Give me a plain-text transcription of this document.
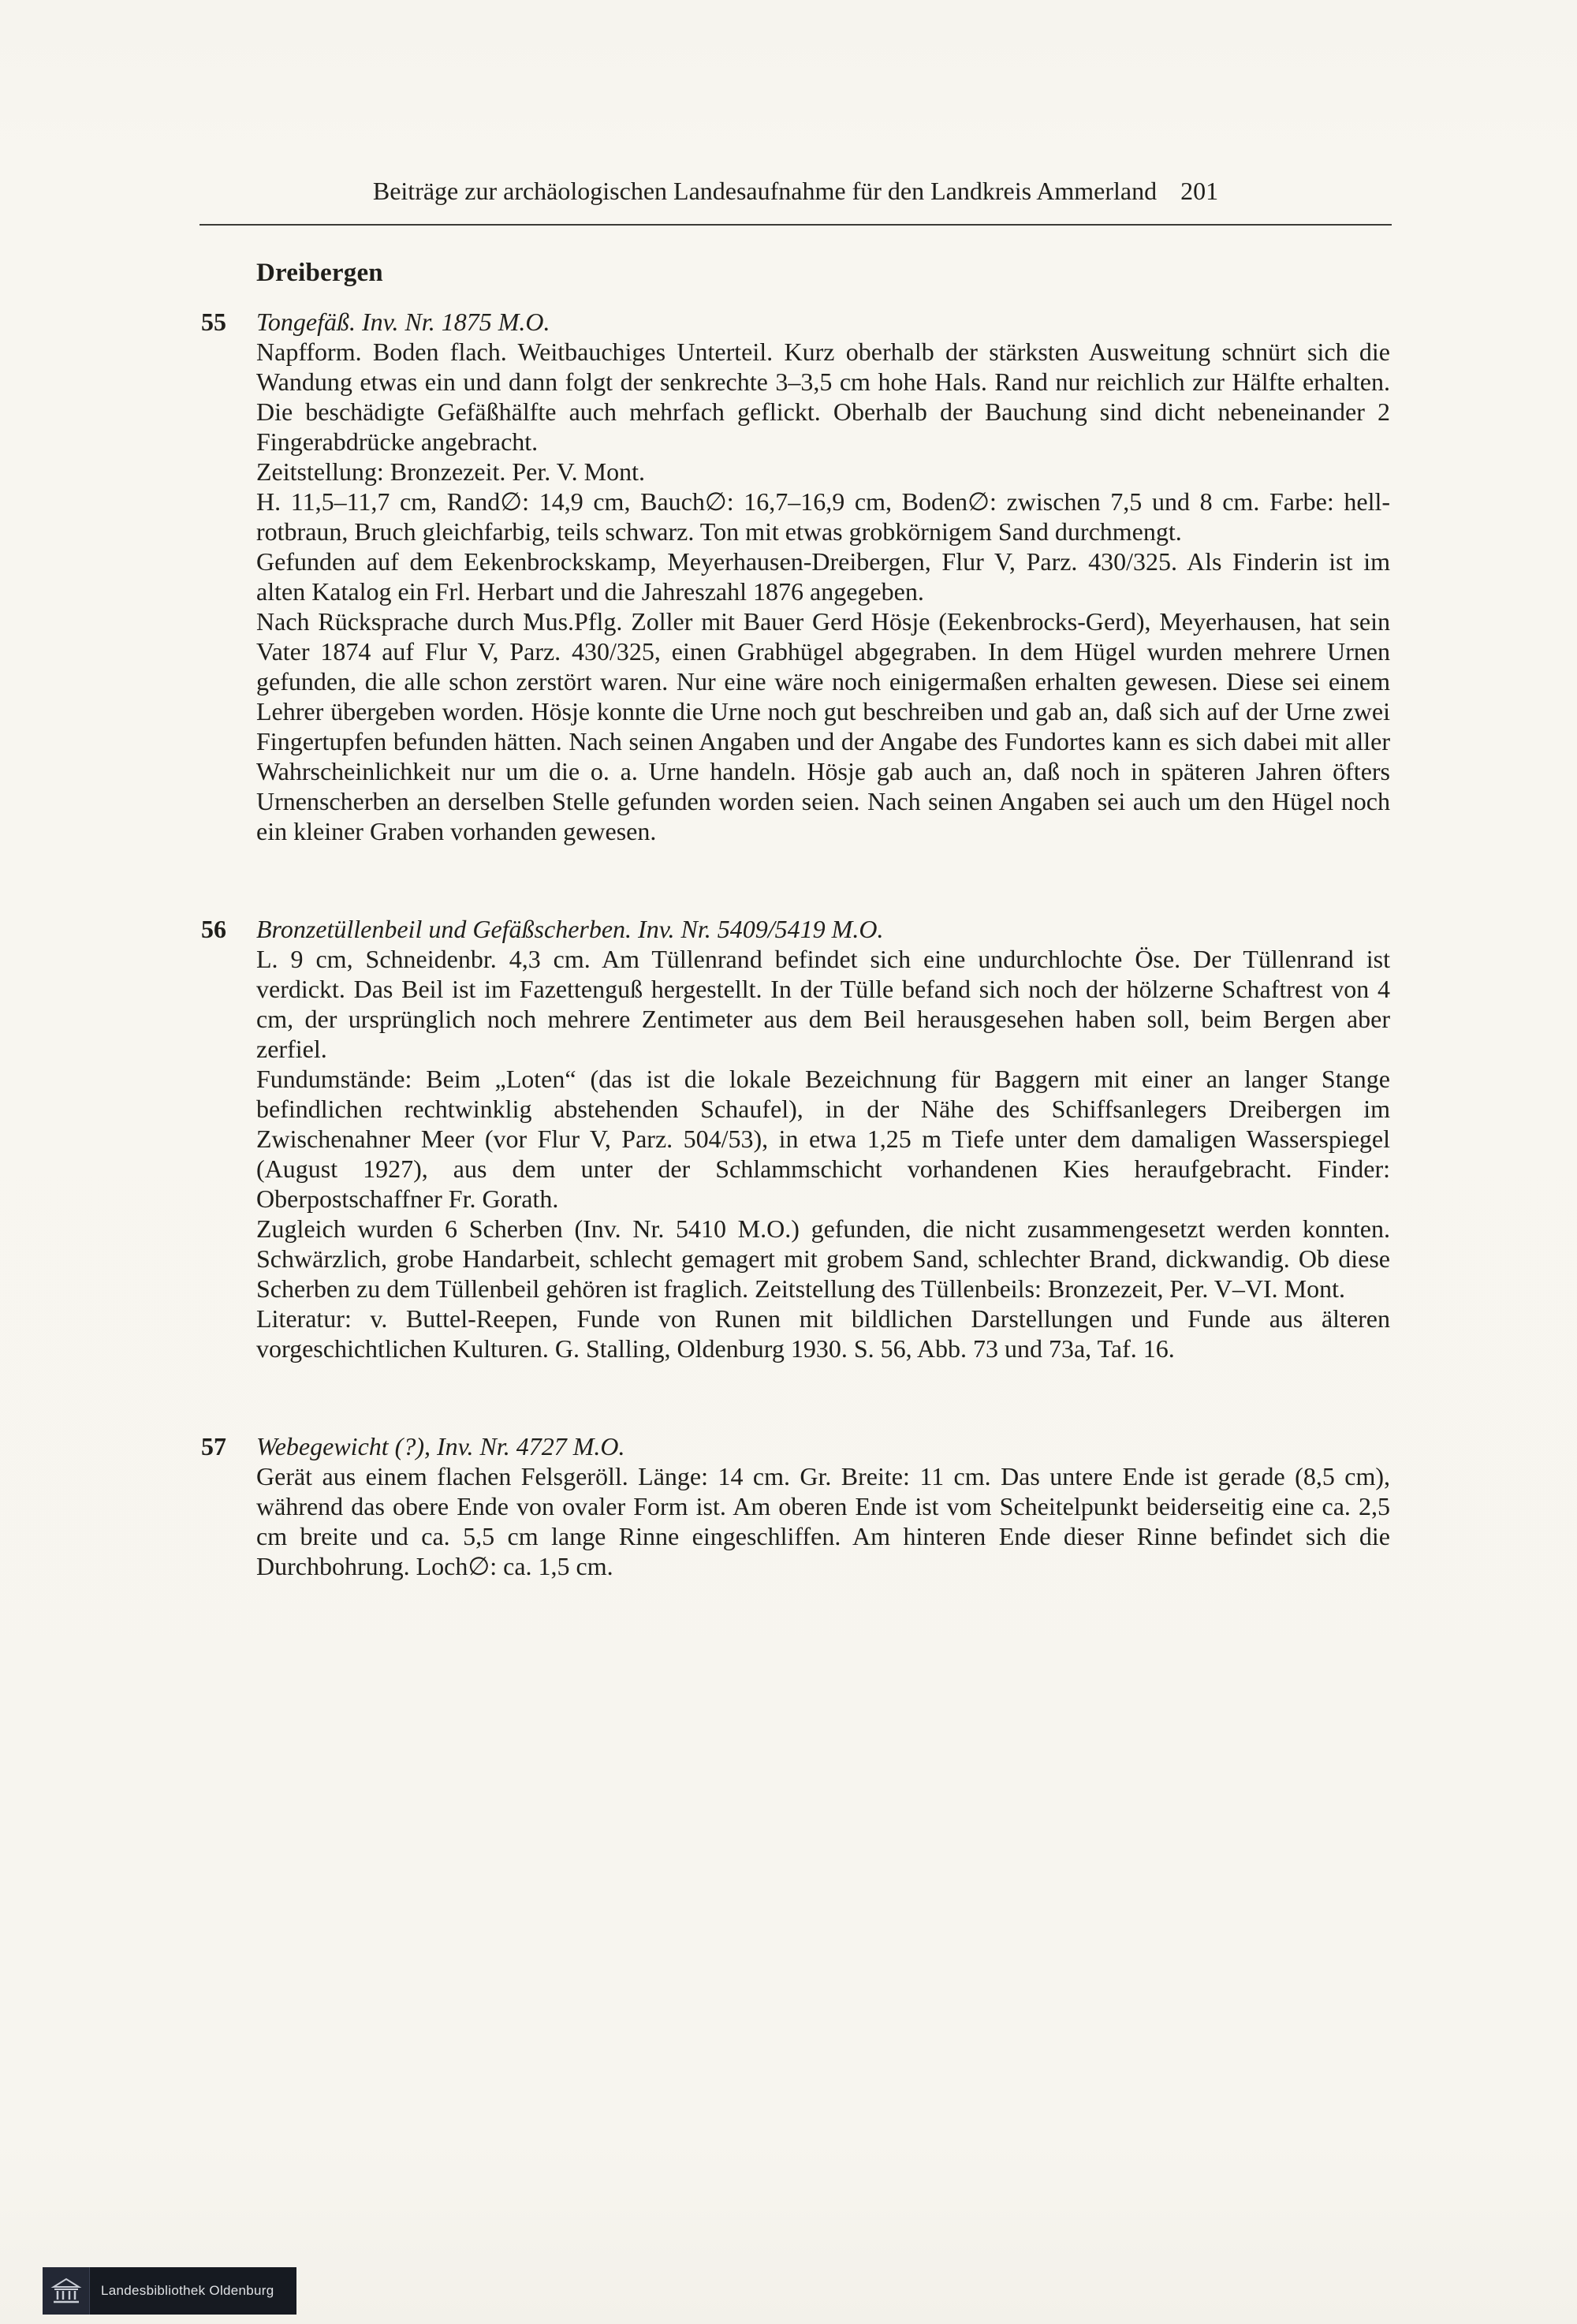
Beiträge zur archäologischen Landesaufnahme für den Landkreis Ammerland 201
Dreibergen
55	Tongefäß. Inv. Nr. 1875 M.O.

Napfform. Boden flach. Weitbauchiges Unterteil. Kurz oberhalb der stärksten Ausweitung schnürt sich die Wandung etwas ein und dann folgt der senkrechte 3–3,5 cm hohe Hals. Rand nur reichlich zur Hälfte erhalten. Die beschädigte Gefäßhälfte auch mehrfach geflickt. Oberhalb der Bauchung sind dicht nebeneinander 2 Fingerabdrücke angebracht.

Zeitstellung: Bronzezeit. Per. V. Mont.

H. 11,5–11,7 cm, Rand∅: 14,9 cm, Bauch∅: 16,7–16,9 cm, Boden∅: zwischen 7,5 und 8 cm. Farbe: hell-rotbraun, Bruch gleichfarbig, teils schwarz. Ton mit etwas grobkörnigem Sand durchmengt.

Gefunden auf dem Eekenbrockskamp, Meyerhausen-Dreibergen, Flur V, Parz. 430/325. Als Finderin ist im alten Katalog ein Frl. Herbart und die Jahreszahl 1876 angegeben.

Nach Rücksprache durch Mus.Pflg. Zoller mit Bauer Gerd Hösje (Eekenbrocks-Gerd), Meyerhausen, hat sein Vater 1874 auf Flur V, Parz. 430/325, einen Grabhügel abgegraben. In dem Hügel wurden mehrere Urnen gefunden, die alle schon zerstört waren. Nur eine wäre noch einigermaßen erhalten gewesen. Diese sei einem Lehrer übergeben worden. Hösje konnte die Urne noch gut beschreiben und gab an, daß sich auf der Urne zwei Fingertupfen befunden hätten. Nach seinen Angaben und der Angabe des Fundortes kann es sich dabei mit aller Wahrscheinlichkeit nur um die o. a. Urne handeln. Hösje gab auch an, daß noch in späteren Jahren öfters Urnenscherben an derselben Stelle gefunden worden seien. Nach seinen Angaben sei auch um den Hügel noch ein kleiner Graben vorhanden gewesen.

56	Bronzetüllenbeil und Gefäßscherben. Inv. Nr. 5409/5419 M.O.

L. 9 cm, Schneidenbr. 4,3 cm. Am Tüllenrand befindet sich eine undurchlochte Öse. Der Tüllenrand ist verdickt. Das Beil ist im Fazettenguß hergestellt. In der Tülle befand sich noch der hölzerne Schaftrest von 4 cm, der ursprünglich noch mehrere Zentimeter aus dem Beil herausgesehen haben soll, beim Bergen aber zerfiel.

Fundumstände: Beim „Loten“ (das ist die lokale Bezeichnung für Baggern mit einer an langer Stange befindlichen rechtwinklig abstehenden Schaufel), in der Nähe des Schiffsanlegers Dreibergen im Zwischenahner Meer (vor Flur V, Parz. 504/53), in etwa 1,25 m Tiefe unter dem damaligen Wasserspiegel (August 1927), aus dem unter der Schlammschicht vorhandenen Kies heraufgebracht. Finder: Oberpostschaffner Fr. Gorath.

Zugleich wurden 6 Scherben (Inv. Nr. 5410 M.O.) gefunden, die nicht zusammengesetzt werden konnten. Schwärzlich, grobe Handarbeit, schlecht gemagert mit grobem Sand, schlechter Brand, dickwandig. Ob diese Scherben zu dem Tüllenbeil gehören ist fraglich. Zeitstellung des Tüllenbeils: Bronzezeit, Per. V–VI. Mont.

Literatur: v. Buttel-Reepen, Funde von Runen mit bildlichen Darstellungen und Funde aus älteren vorgeschichtlichen Kulturen. G. Stalling, Oldenburg 1930. S. 56, Abb. 73 und 73a, Taf. 16.

57	Webegewicht (?), Inv. Nr. 4727 M.O.

Gerät aus einem flachen Felsgeröll. Länge: 14 cm. Gr. Breite: 11 cm. Das untere Ende ist gerade (8,5 cm), während das obere Ende von ovaler Form ist. Am oberen Ende ist vom Scheitelpunkt beiderseitig eine ca. 2,5 cm breite und ca. 5,5 cm lange Rinne eingeschliffen. Am hinteren Ende dieser Rinne befindet sich die Durchbohrung. Loch∅: ca. 1,5 cm.

Landesbibliothek Oldenburg
